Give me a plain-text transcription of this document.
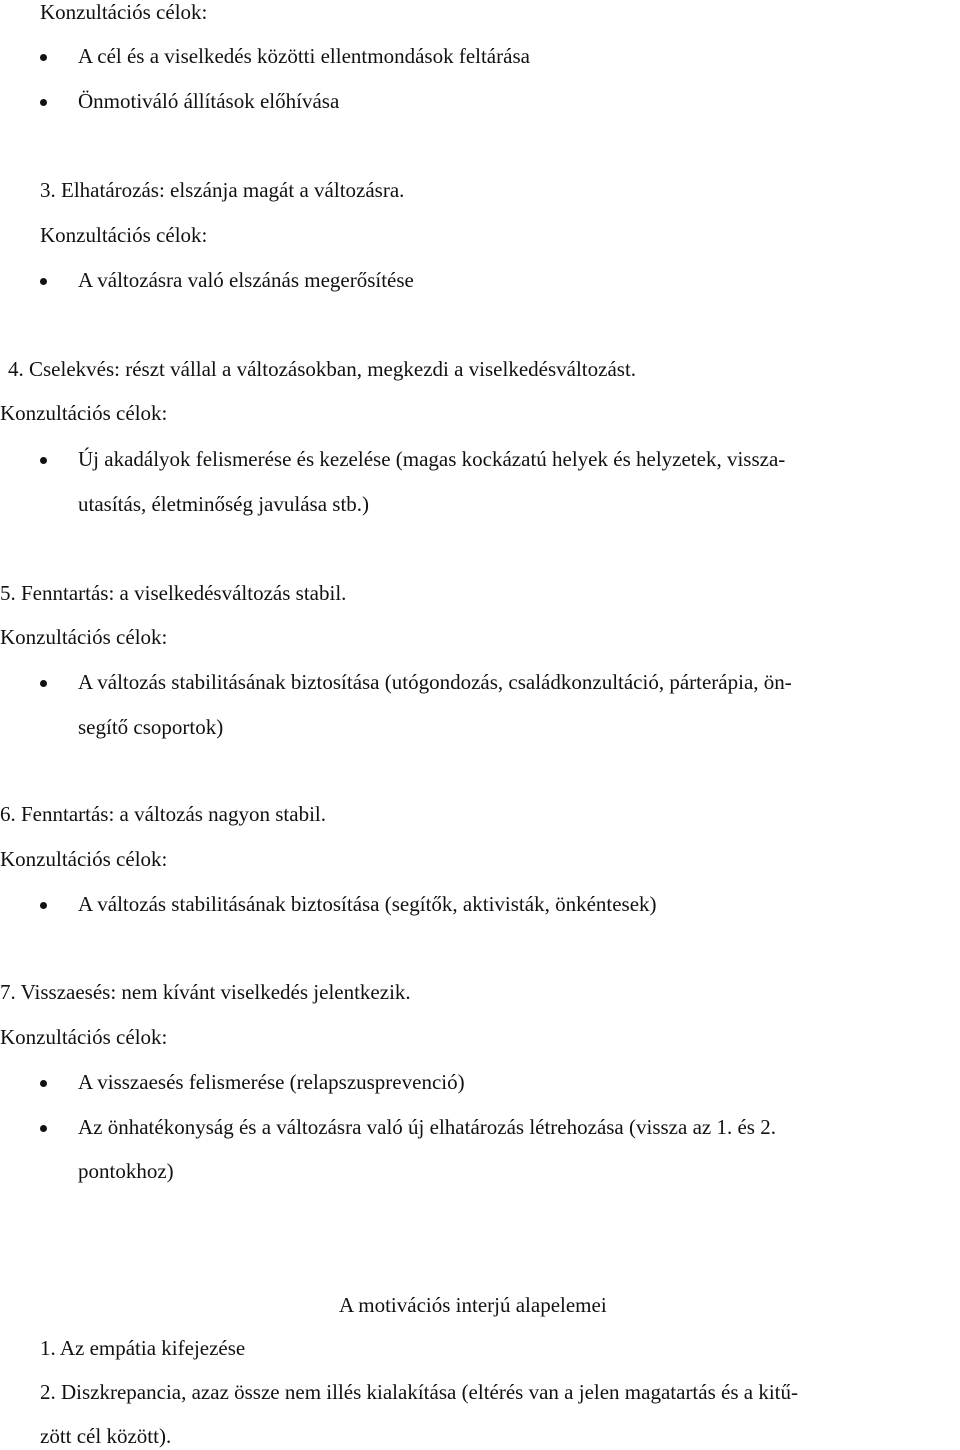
Konzultációs célok:

A cél és a viselkedés közötti ellentmondások feltárása

Önmotiváló állítások előhívása

3. Elhatározás: elszánja magát a változásra.

Konzultációs célok:

A változásra való elszánás megerősítése

4. Cselekvés: részt vállal a változásokban, megkezdi a viselkedésváltozást.

Konzultációs célok:

Új akadályok felismerése és kezelése (magas kockázatú helyek és helyzetek, vissza-

utasítás, életminőség javulása stb.)

5. Fenntartás: a viselkedésváltozás stabil.

Konzultációs célok:

A változás stabilitásának biztosítása (utógondozás, családkonzultáció, párterápia, ön-

segítő csoportok)

6. Fenntartás: a változás nagyon stabil.

Konzultációs célok:

A változás stabilitásának biztosítása (segítők, aktivisták, önkéntesek)

7. Visszaesés: nem kívánt viselkedés jelentkezik.

Konzultációs célok:

A visszaesés felismerése (relapszusprevenció)

Az önhatékonyság és a változásra való új elhatározás létrehozása (vissza az 1. és 2.

pontokhoz)

A motivációs interjú alapelemei

1. Az empátia kifejezése

2. Diszkrepancia, azaz össze nem illés kialakítása (eltérés van a jelen magatartás és a kitű-

zött cél között).
